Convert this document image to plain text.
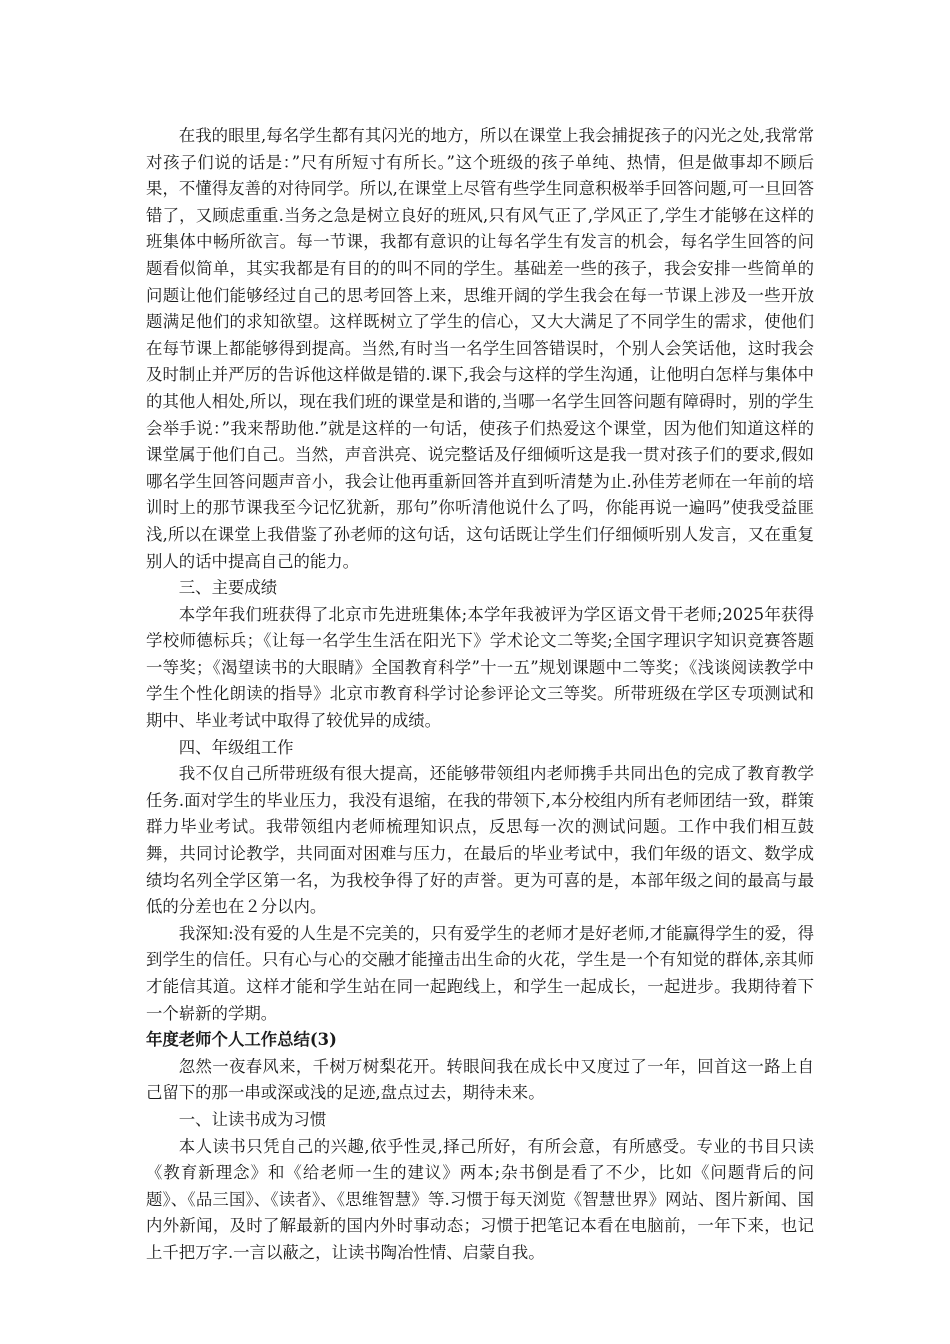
在我的眼里,每名学生都有其闪光的地方，所以在课堂上我会捕捉孩子的闪光之处,我常常对孩子们说的话是：”尺有所短寸有所长。”这个班级的孩子单纯、热情，但是做事却不顾后果，不懂得友善的对待同学。所以,在课堂上尽管有些学生同意积极举手回答问题,可一旦回答错了，又顾虑重重.当务之急是树立良好的班风,只有风气正了,学风正了,学生才能够在这样的班集体中畅所欲言。每一节课，我都有意识的让每名学生有发言的机会，每名学生回答的问题看似简单，其实我都是有目的的叫不同的学生。基础差一些的孩子，我会安排一些简单的问题让他们能够经过自己的思考回答上来，思维开阔的学生我会在每一节课上涉及一些开放题满足他们的求知欲望。这样既树立了学生的信心，又大大满足了不同学生的需求，使他们在每节课上都能够得到提高。当然,有时当一名学生回答错误时，个别人会笑话他，这时我会及时制止并严厉的告诉他这样做是错的.课下,我会与这样的学生沟通，让他明白怎样与集体中的其他人相处,所以，现在我们班的课堂是和谐的,当哪一名学生回答问题有障碍时，别的学生会举手说：”我来帮助他.”就是这样的一句话，使孩子们热爱这个课堂，因为他们知道这样的课堂属于他们自己。当然，声音洪亮、说完整话及仔细倾听这是我一贯对孩子们的要求,假如哪名学生回答问题声音小，我会让他再重新回答并直到听清楚为止.孙佳芳老师在一年前的培训时上的那节课我至今记忆犹新，那句”你听清他说什么了吗，你能再说一遍吗”使我受益匪浅,所以在课堂上我借鉴了孙老师的这句话，这句话既让学生们仔细倾听别人发言，又在重复别人的话中提高自己的能力。

三、主要成绩

本学年我们班获得了北京市先进班集体;本学年我被评为学区语文骨干老师;2025年获得学校师德标兵；《让每一名学生生活在阳光下》学术论文二等奖;全国字理识字知识竞赛答题一等奖；《渴望读书的大眼睛》全国教育科学”十一五”规划课题中二等奖；《浅谈阅读教学中学生个性化朗读的指导》北京市教育科学讨论参评论文三等奖。所带班级在学区专项测试和期中、毕业考试中取得了较优异的成绩。

四、年级组工作

我不仅自己所带班级有很大提高，还能够带领组内老师携手共同出色的完成了教育教学任务.面对学生的毕业压力，我没有退缩，在我的带领下,本分校组内所有老师团结一致，群策群力毕业考试。我带领组内老师梳理知识点，反思每一次的测试问题。工作中我们相互鼓舞，共同讨论教学，共同面对困难与压力，在最后的毕业考试中，我们年级的语文、数学成绩均名列全学区第一名，为我校争得了好的声誉。更为可喜的是，本部年级之间的最高与最低的分差也在２分以内。

我深知:没有爱的人生是不完美的，只有爱学生的老师才是好老师,才能赢得学生的爱，得到学生的信任。只有心与心的交融才能撞击出生命的火花，学生是一个有知觉的群体,亲其师才能信其道。这样才能和学生站在同一起跑线上，和学生一起成长，一起进步。我期待着下一个崭新的学期。

年度老师个人工作总结(3)

忽然一夜春风来，千树万树梨花开。转眼间我在成长中又度过了一年，回首这一路上自己留下的那一串或深或浅的足迹,盘点过去，期待未来。

一、让读书成为习惯

本人读书只凭自己的兴趣,依乎性灵,择己所好，有所会意，有所感受。专业的书目只读《教育新理念》和《给老师一生的建议》两本;杂书倒是看了不少，比如《问题背后的问题》、《品三国》、《读者》、《思维智慧》等.习惯于每天浏览《智慧世界》网站、图片新闻、国内外新闻，及时了解最新的国内外时事动态；习惯于把笔记本看在电脑前，一年下来，也记上千把万字.一言以蔽之，让读书陶冶性情、启蒙自我。
